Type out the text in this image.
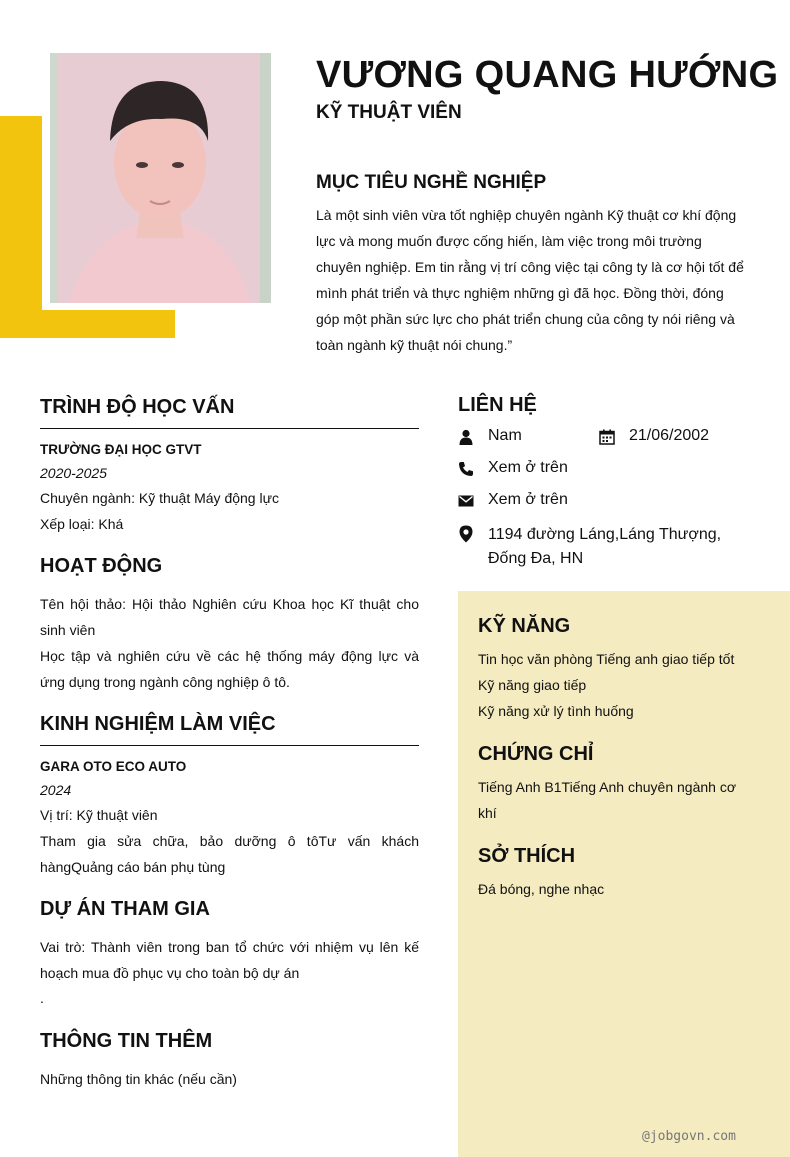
VƯƠNG QUANG HƯỚNG
KỸ THUẬT VIÊN
MỤC TIÊU NGHỀ NGHIỆP
Là một sinh viên vừa tốt nghiệp chuyên ngành Kỹ thuật cơ khí động lực và mong muốn được cống hiến, làm việc trong môi trường chuyên nghiệp. Em tin rằng vị trí công việc tại công ty là cơ hội tốt để mình phát triển và thực nghiệm những gì đã học. Đồng thời, đóng góp một phần sức lực cho phát triển chung của công ty nói riêng và toàn ngành kỹ thuật nói chung.”
TRÌNH ĐỘ HỌC VẤN
TRƯỜNG ĐẠI HỌC GTVT
2020-2025
Chuyên ngành: Kỹ thuật Máy động lực
Xếp loại: Khá
HOẠT ĐỘNG
Tên hội thảo: Hội thảo Nghiên cứu Khoa học Kĩ thuật cho sinh viên
Học tập và nghiên cứu về các hệ thống máy động lực và ứng dụng trong ngành công nghiệp ô tô.
KINH NGHIỆM LÀM VIỆC
GARA OTO ECO AUTO
2024
Vị trí: Kỹ thuật viên
Tham gia sửa chữa, bảo dưỡng ô tôTư vấn khách hàngQuảng cáo bán phụ tùng
DỰ ÁN THAM GIA
Vai trò: Thành viên trong ban tổ chức với nhiệm vụ lên kế hoạch mua đồ phục vụ cho toàn bộ dự án
.
THÔNG TIN THÊM
Những thông tin khác (nếu cần)
LIÊN HỆ
Nam	21/06/2002
Xem ở trên
Xem ở trên
1194 đường Láng,Láng Thượng, Đống Đa, HN
KỸ NĂNG
Tin học văn phòng Tiếng anh giao tiếp tốt
Kỹ năng giao tiếp
Kỹ năng xử lý tình huống
CHỨNG CHỈ
Tiếng Anh B1Tiếng Anh chuyên ngành cơ khí
SỞ THÍCH
Đá bóng, nghe nhạc
@jobgovn.com
